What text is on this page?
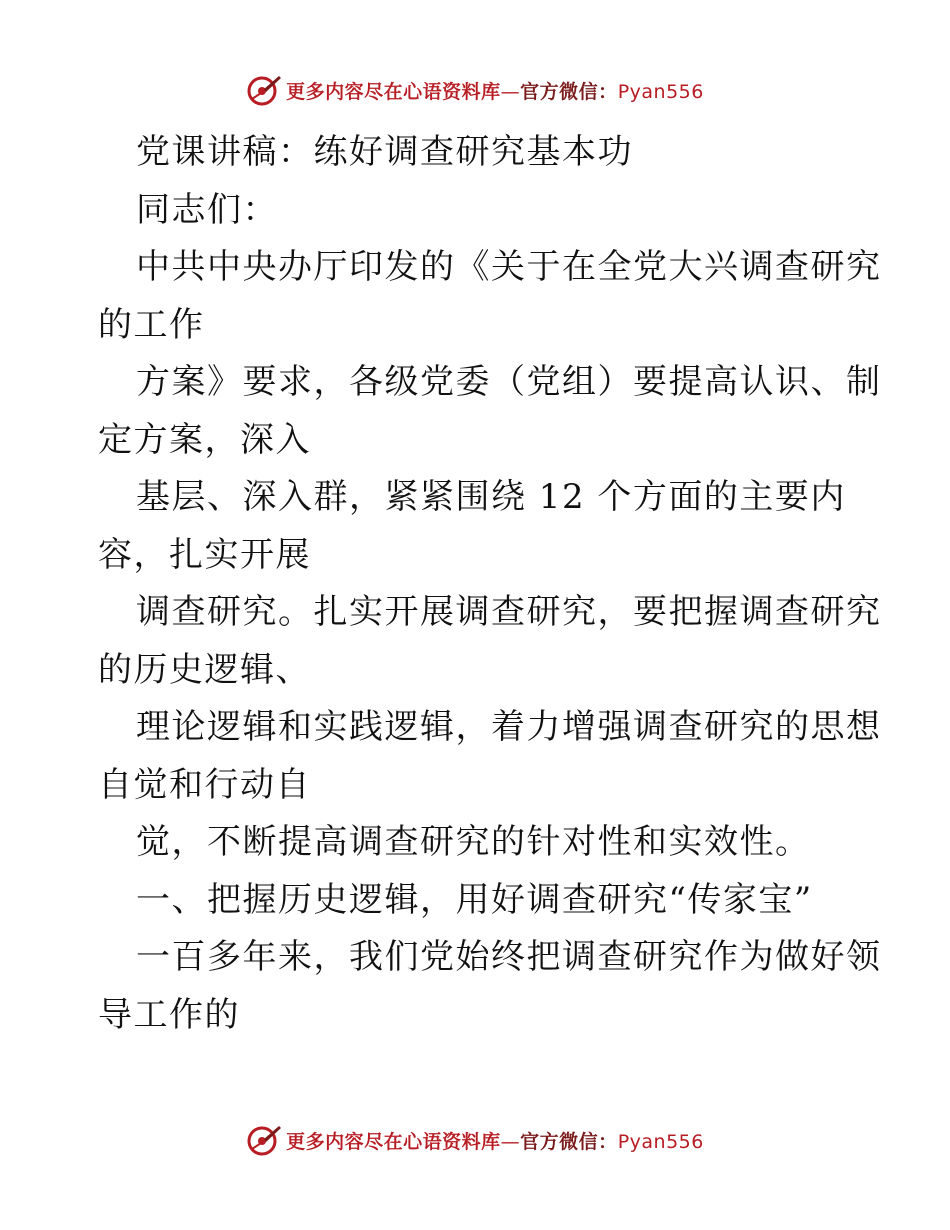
更多内容尽在心语资料库—官方微信：Pyan556
党课讲稿：练好调查研究基本功
同志们：
中共中央办厅印发的《关于在全党大兴调查研究
的工作
方案》要求，各级党委（党组）要提高认识、制
定方案，深入
基层、深入群，紧紧围绕 12 个方面的主要内
容，扎实开展
调查研究。扎实开展调查研究，要把握调查研究
的历史逻辑、
理论逻辑和实践逻辑，着力增强调查研究的思想
自觉和行动自
觉，不断提高调查研究的针对性和实效性。
一、把握历史逻辑，用好调查研究“传家宝”
一百多年来，我们党始终把调查研究作为做好领
导工作的
更多内容尽在心语资料库—官方微信：Pyan556
